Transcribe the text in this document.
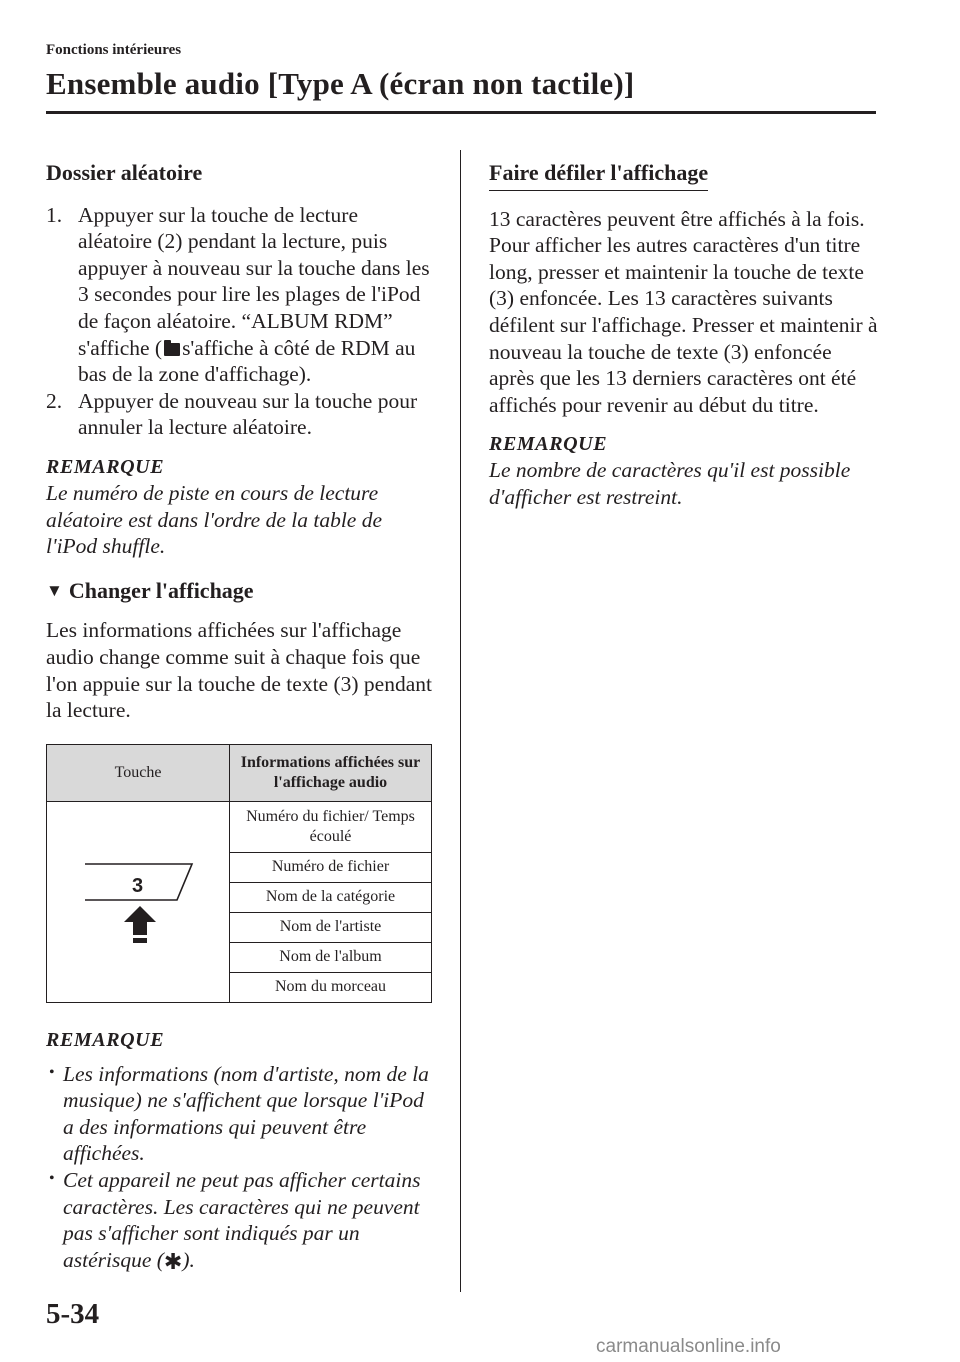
Fonctions intérieures
Ensemble audio [Type A (écran non tactile)]
Dossier aléatoire
1. Appuyer sur la touche de lecture aléatoire (2) pendant la lecture, puis appuyer à nouveau sur la touche dans les 3 secondes pour lire les plages de l'iPod de façon aléatoire. “ALBUM RDM” s'affiche ( s'affiche à côté de RDM au bas de la zone d'affichage).
2. Appuyer de nouveau sur la touche pour annuler la lecture aléatoire.
REMARQUE
Le numéro de piste en cours de lecture aléatoire est dans l'ordre de la table de l'iPod shuffle.
▼ Changer l'affichage
Les informations affichées sur l'affichage audio change comme suit à chaque fois que l'on appuie sur la touche de texte (3) pendant la lecture.
Touche	Informations affichées sur l'affichage audio

3	Numéro du fichier/ Temps écoulé
	Numéro de fichier
	Nom de la catégorie
	Nom de l'artiste
	Nom de l'album
	Nom du morceau
REMARQUE
• Les informations (nom d'artiste, nom de la musique) ne s'affichent que lorsque l'iPod a des informations qui peuvent être affichées.
• Cet appareil ne peut pas afficher certains caractères. Les caractères qui ne peuvent pas s'afficher sont indiqués par un astérisque (✱).
Faire défiler l'affichage
13 caractères peuvent être affichés à la fois. Pour afficher les autres caractères d'un titre long, presser et maintenir la touche de texte (3) enfoncée. Les 13 caractères suivants défilent sur l'affichage. Presser et maintenir à nouveau la touche de texte (3) enfoncée après que les 13 derniers caractères ont été affichés pour revenir au début du titre.
REMARQUE
Le nombre de caractères qu'il est possible d'afficher est restreint.
5-34
carmanualsonline.info
